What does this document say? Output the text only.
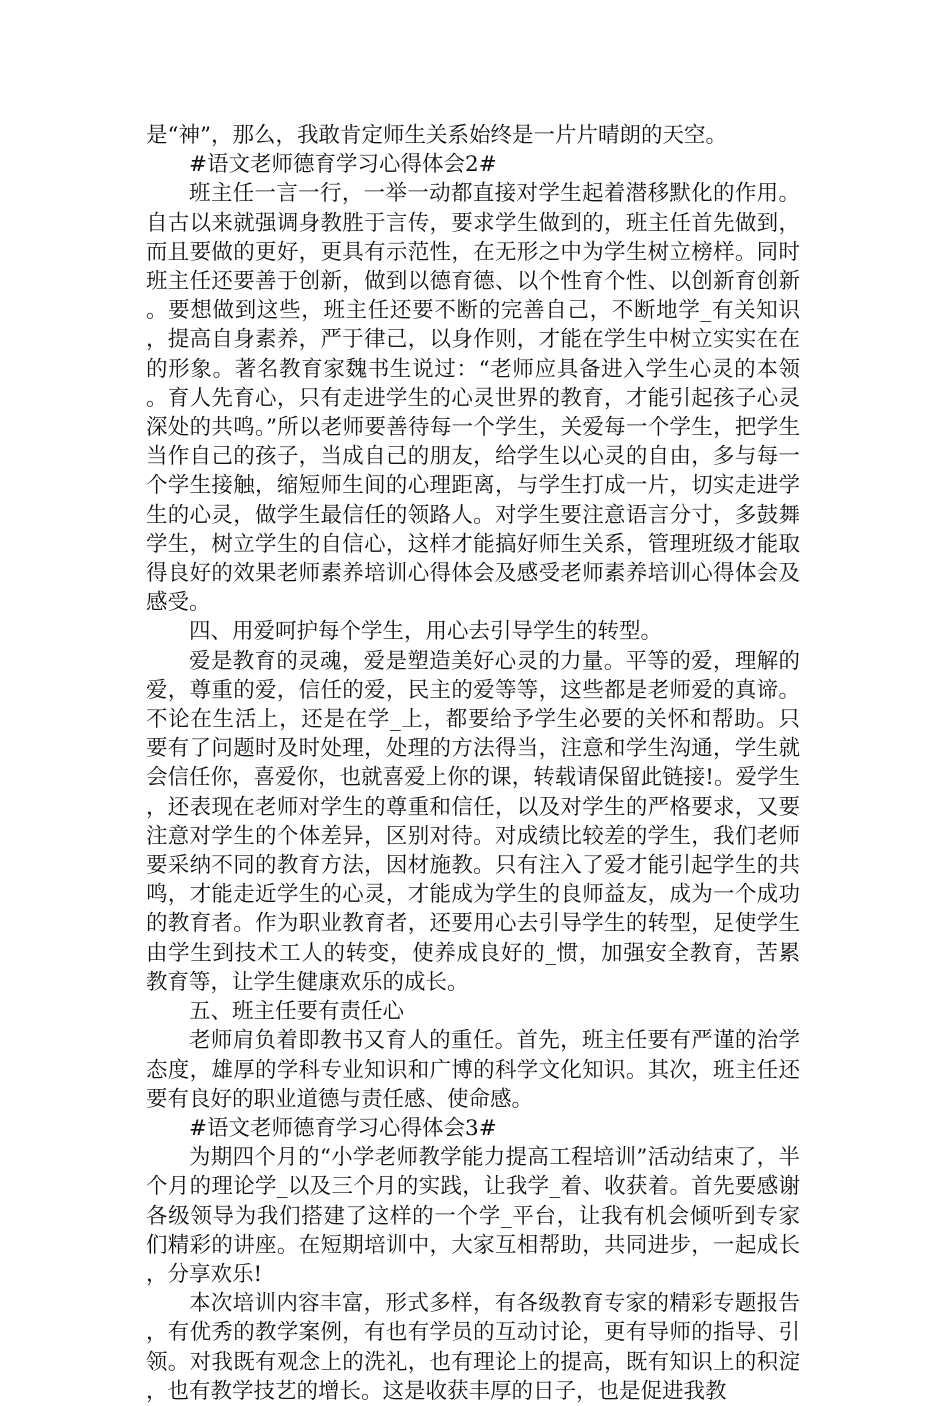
是“神”，那么，我敢肯定师生关系始终是一片片晴朗的天空。

#语文老师德育学习心得体会2#

班主任一言一行，一举一动都直接对学生起着潜移默化的作用。自古以来就强调身教胜于言传，要求学生做到的，班主任首先做到，而且要做的更好，更具有示范性，在无形之中为学生树立榜样。同时班主任还要善于创新，做到以德育德、以个性育个性、以创新育创新。要想做到这些，班主任还要不断的完善自己，不断地学_有关知识，提高自身素养，严于律己，以身作则，才能在学生中树立实实在在的形象。著名教育家魏书生说过：“老师应具备进入学生心灵的本领。育人先育心，只有走进学生的心灵世界的教育，才能引起孩子心灵深处的共鸣。”所以老师要善待每一个学生，关爱每一个学生，把学生当作自己的孩子，当成自己的朋友，给学生以心灵的自由，多与每一个学生接触，缩短师生间的心理距离，与学生打成一片，切实走进学生的心灵，做学生最信任的领路人。对学生要注意语言分寸，多鼓舞学生，树立学生的自信心，这样才能搞好师生关系，管理班级才能取得良好的效果老师素养培训心得体会及感受老师素养培训心得体会及感受。

四、用爱呵护每个学生，用心去引导学生的转型。

爱是教育的灵魂，爱是塑造美好心灵的力量。平等的爱，理解的爱，尊重的爱，信任的爱，民主的爱等等，这些都是老师爱的真谛。不论在生活上，还是在学_上，都要给予学生必要的关怀和帮助。只要有了问题时及时处理，处理的方法得当，注意和学生沟通，学生就会信任你，喜爱你，也就喜爱上你的课，转载请保留此链接!。爱学生，还表现在老师对学生的尊重和信任，以及对学生的严格要求，又要注意对学生的个体差异，区别对待。对成绩比较差的学生，我们老师要采纳不同的教育方法，因材施教。只有注入了爱才能引起学生的共鸣，才能走近学生的心灵，才能成为学生的良师益友，成为一个成功的教育者。作为职业教育者，还要用心去引导学生的转型，足使学生由学生到技术工人的转变，使养成良好的_惯，加强安全教育，苦累教育等，让学生健康欢乐的成长。

五、班主任要有责任心

老师肩负着即教书又育人的重任。首先，班主任要有严谨的治学态度，雄厚的学科专业知识和广博的科学文化知识。其次，班主任还要有良好的职业道德与责任感、使命感。

#语文老师德育学习心得体会3#

为期四个月的“小学老师教学能力提高工程培训”活动结束了，半个月的理论学_以及三个月的实践，让我学_着、收获着。首先要感谢各级领导为我们搭建了这样的一个学_平台，让我有机会倾听到专家们精彩的讲座。在短期培训中，大家互相帮助，共同进步，一起成长，分享欢乐!

本次培训内容丰富，形式多样，有各级教育专家的精彩专题报告，有优秀的教学案例，有也有学员的互动讨论，更有导师的指导、引领。对我既有观念上的洗礼，也有理论上的提高，既有知识上的积淀，也有教学技艺的增长。这是收获丰厚的日子，也是促进我教
